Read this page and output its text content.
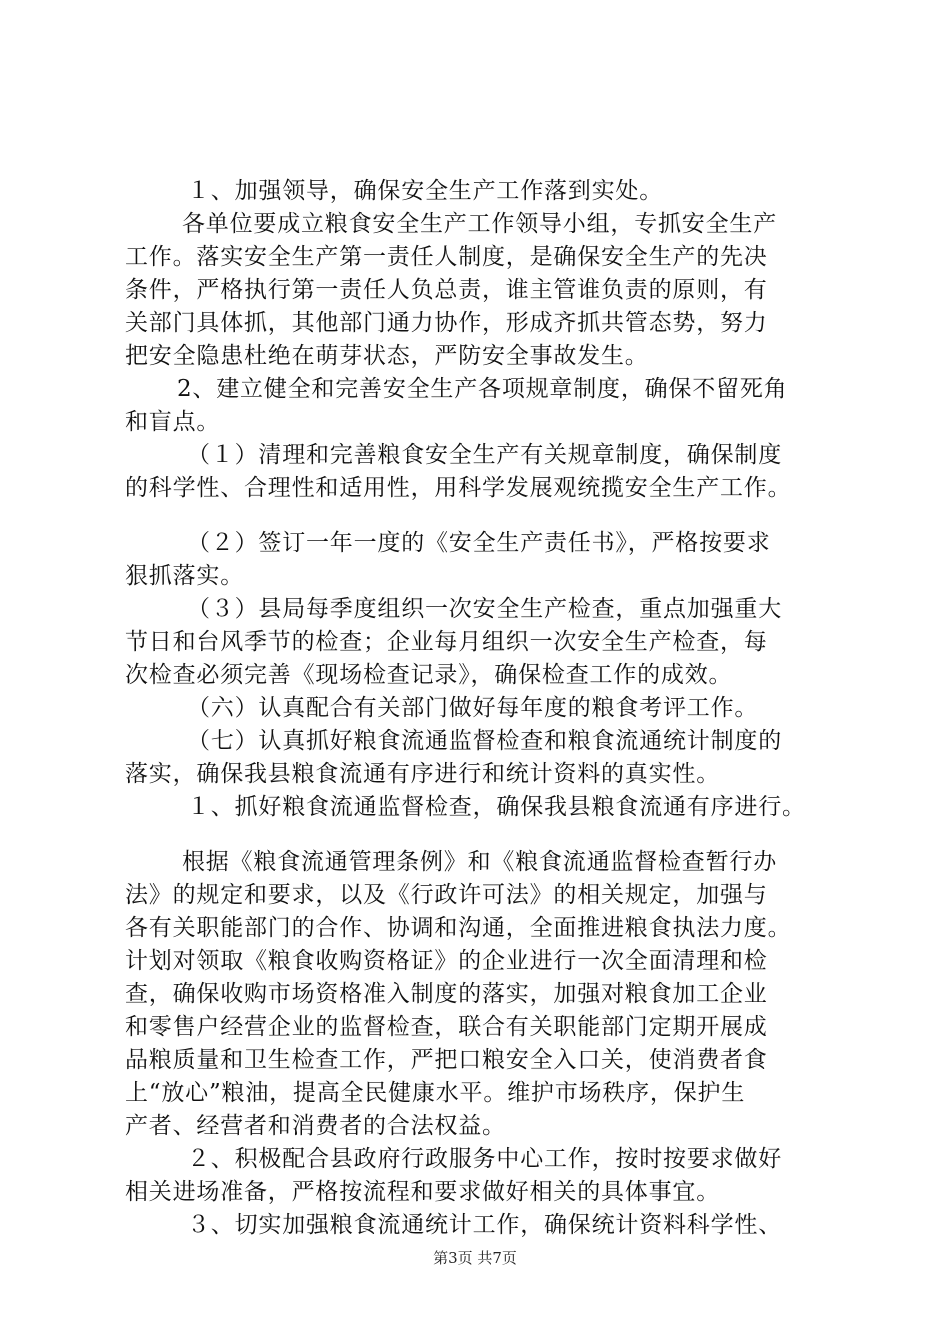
１、加强领导，确保安全生产工作落到实处。
各单位要成立粮食安全生产工作领导小组，专抓安全生产
工作。落实安全生产第一责任人制度，是确保安全生产的先决
条件，严格执行第一责任人负总责，谁主管谁负责的原则，有
关部门具体抓，其他部门通力协作，形成齐抓共管态势，努力
把安全隐患杜绝在萌芽状态，严防安全事故发生。
2、建立健全和完善安全生产各项规章制度，确保不留死角
和盲点。
（１）清理和完善粮食安全生产有关规章制度，确保制度
的科学性、合理性和适用性，用科学发展观统揽安全生产工作。
（２）签订一年一度的《安全生产责任书》，严格按要求
狠抓落实。
（３）县局每季度组织一次安全生产检查，重点加强重大
节日和台风季节的检查；企业每月组织一次安全生产检查，每
次检查必须完善《现场检查记录》，确保检查工作的成效。
（六）认真配合有关部门做好每年度的粮食考评工作。
（七）认真抓好粮食流通监督检查和粮食流通统计制度的
落实，确保我县粮食流通有序进行和统计资料的真实性。
１、抓好粮食流通监督检查，确保我县粮食流通有序进行。
根据《粮食流通管理条例》和《粮食流通监督检查暂行办
法》的规定和要求，以及《行政许可法》的相关规定，加强与
各有关职能部门的合作、协调和沟通，全面推进粮食执法力度。
计划对领取《粮食收购资格证》的企业进行一次全面清理和检
查，确保收购市场资格准入制度的落实，加强对粮食加工企业
和零售户经营企业的监督检查，联合有关职能部门定期开展成
品粮质量和卫生检查工作，严把口粮安全入口关，使消费者食
上“放心”粮油，提高全民健康水平。维护市场秩序，保护生
产者、经营者和消费者的合法权益。
２、积极配合县政府行政服务中心工作，按时按要求做好
相关进场准备，严格按流程和要求做好相关的具体事宜。
３、切实加强粮食流通统计工作，确保统计资料科学性、
第3页 共7页
